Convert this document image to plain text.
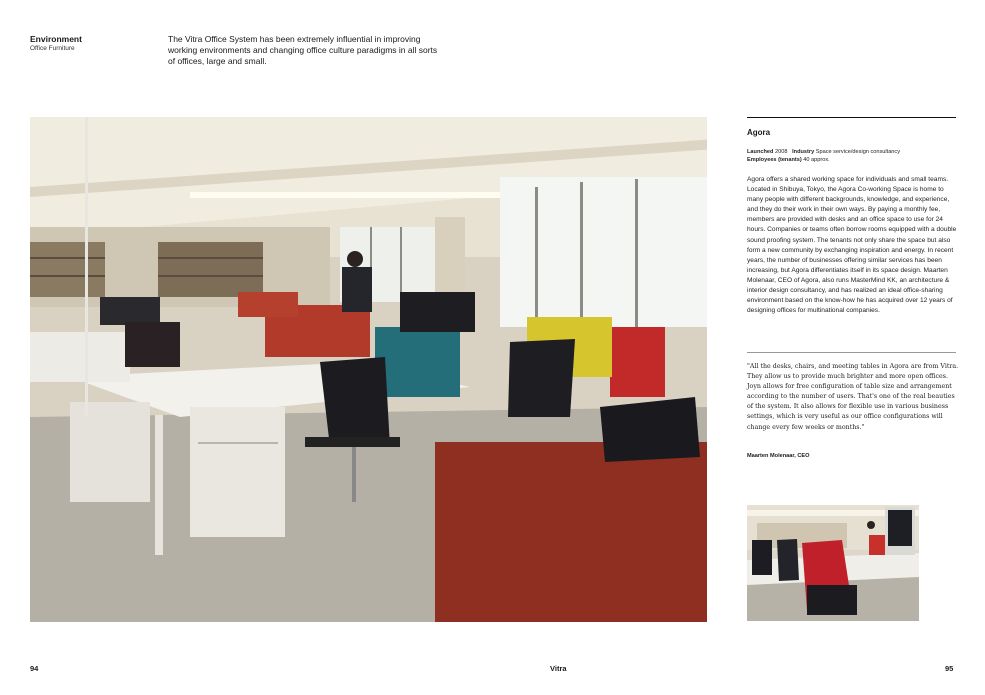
Environment
Office Furniture

The Vitra Office System has been extremely influential in improving working environments and changing office culture paradigms in all sorts of offices, large and small.

Agora
Launched 2008 Industry Space service/design consultancy
Employees (tenants) 40 approx.

Agora offers a shared working space for individuals and small teams. Located in Shibuya, Tokyo, the Agora Co-working Space is home to many people with different backgrounds, knowledge, and experience, and they do their work in their own ways. By paying a monthly fee, members are provided with desks and an office space to use for 24 hours. Companies or teams often borrow rooms equipped with a double sound proofing system. The tenants not only share the space but also form a new community by exchanging inspiration and energy. In recent years, the number of businesses offering similar services has been increasing, but Agora differentiates itself in its space design. Maarten Molenaar, CEO of Agora, also runs MasterMind KK, an architecture & interior design consultancy, and has realized an ideal office-sharing environment based on the know-how he has acquired over 12 years of designing offices for multinational companies.

"All the desks, chairs, and meeting tables in Agora are from Vitra. They allow us to provide much brighter and more open offices. Joyn allows for free configuration of table size and arrangement according to the number of users. That's one of the real beauties of the system. It also allows for flexible use in various business settings, which is very useful as our office configurations will change every few weeks or months."

Maarten Molenaar, CEO
94	Vitra	95
